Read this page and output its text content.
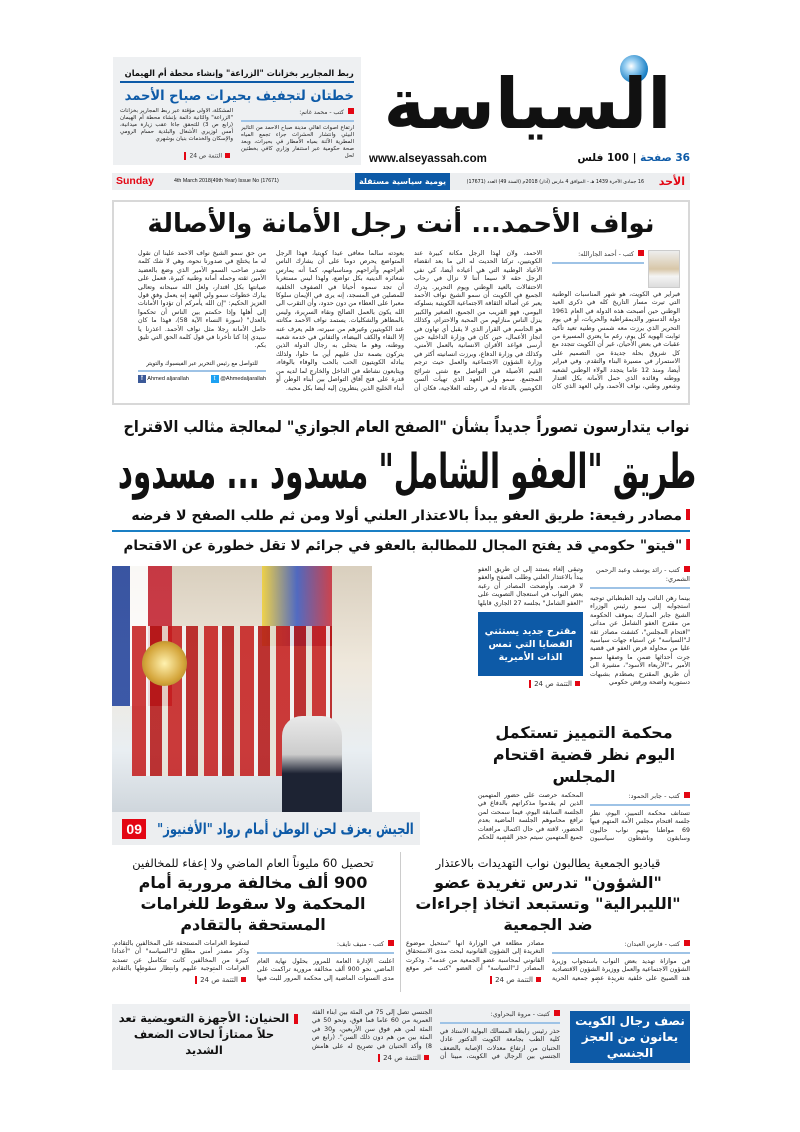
السياسة
www.alseyassah.com	36 صفحة | 100 فلس
ربط المجارير بخزانات "الزراعة" وإنشاء محطة أم الهيمان
خطتان لتجفيف بحيرات صباح الأحمد
كتب - محمد غانم:
ارتفاع أصوات أهالي مدينة صباح الأحمد من التأثير البيئي وانتشار الحشرات جراء تجمع المياه المطرية الآثنة بمياه الأمطار في بحيرات، وبعد صحة حكومية عبر استنفار وزاري كافي بخطتين لحل
المشكلة، الأولى مؤقتة عبر ربط المجارير بخزانات "الزراعة" والثانية دائمة بإنشاء محطة أم الهيمان (رابع ص 3) للتحقق جاءا عقب زيارة ميدانية، أمس لوزيري الأشغال والبلدية حسام الرومي والإسكان والخدمات بنيان بوشهري
التتمة ص 24
الأحد
16 جمادى الآخرة 1439 هـ - الموافق 4 مارس (آذار) 2018م (السنة 49) العدد (17671)
يومية سياسية مستقلة
4th March 2018(49th Year) Issue No (17671)
Sunday
نواف الأحمد... أنت رجل الأمانة والأصالة
كتب - أحمد الجارالله:
فبراير في الكويت، هو شهر المناسبات الوطنية التي تيرت مسار التاريخ كله في ذكرى العيد الوطني حين أصبحت هذه الدولة في العام 1961 دولة الدستور والديمقراطية والحريات، أو في يوم التحرير الذي يرزت معه شمس وطنية تعيد تأكيد ثوابت الهوية كل يوم، رغم ما يعتري المسيرة من عقبات في بعض الأحيان، غير أن الكويت تتجدد مع كل شروق بحلة جديدة من التصميم على الاستمرار في مسيرة البناء والتقدم. وفي فبراير أيضا، ومنذ 12 عاما يتجدد الولاء الوطني لشعبه ووطنه وقائده الذي حمل الأمانة بكل اقتدار وشعور وطني، نواف الأحمد، ولي العهد الذي كان
الأحمد، ولأن لهذا الرجل مكانة كبيرة عند الكويتيين، تركنا الحديث له الى ما بعد انقضاء الأعياد الوطنية التي هي أعياده أيضا، كي نفي الرجل حقه لا سيما أننا لا نزال في رحاب الاحتفالات بالعيد الوطني ويوم التحرير. يدرك الجميع في الكويت أن سمو الشيخ نواف الأحمد يعبر عن أصالة الثقافة الاجتماعية الكويتية بسلوكه اليومي، فهو القريب من الجميع، الصغير والكبير ينزل الناس منازلهم من المحبة والاحترام، وكذلك هو الحاسم في القرار الذي لا يقبل أي تهاون في انجاز الأعمال، حين كان في وزارة الداخلية حين أرسى قواعد الأقران الانسانية بالعمل الأمني، وكذلك في وزارة الدفاع، وبرزت انسانيته أكثر في وزارة الشؤون الاجتماعية والعمل حيث ترجم القيم الأصيلة في التواصل مع شتى شرائح المجتمع. سمو ولي العهد الذي تهيأت ألسن الكويتيين بالدعاء له في رحلته العلاجية، فكان أن
بعودته سالما معافى عيدا كويتيا، فهذا الرجل المتواضع يحرص دوما على أن يشارك الناس أفراحهم وأتراحهم ومناسباتهم، كما أنه يمارس شعائره الدينية بكل تواضع، ولهذا ليس مستغربا أن تجد سموه أحيانا في الصفوف الخلفية للمصلين في المسجد، إنه يرى في الإيمان سلوكا معبرا على العطاء من دون حدود، وأن التقرب الى الله يكون بالعمل الصالح ونقاء السريرة، وليس بالمظاهر والشكليات. يستمد نواف الأحمد مكانته عند الكويتيين وغيرهم من سيرته، فلم يعرف عنه إلا النقاء والكف البيضاء، والتفاني في خدمة شعبه ووطنه، وهو ما يتحلى به رجال الدولة الذين يتركون بصمة تدل عليهم أين ما حلوا، ولذلك يبادله الكويتيون الحب بالحب والوفاء بالوفاء، ويتابعون نشاطه في الداخل والخارج لما لديه من قدرة على فتح آفاق التواصل بين أبناء الوطن أو أبناء الخليج الذين ينظرون إليه أيضا بكل محبة.
من حق سمو الشيخ نواف الأحمد علينا أن نقول له ما يختلج في صدورنا نحوه، وهي لا شك كلمة تصدر صاحب السمو الأمير الذي وضع بالعضيد الأمين ثقته وحمله أمانة وطنية كبيرة، فعمل على صيانتها بكل اقتدار، ولعل الله سبحانه وتعالى يبارك خطوات سمو ولي العهد إنه يعمل وفق قول العزيز الحكيم: "إن الله يأمركم أن تؤدوا الأمانات إلى أهلها وإذا حكمتم بين الناس أن تحكموا بالعدل" (سورة النساء الآية 58)، فهذا ما كان حامل الأمانة رجلا مثل نواف الأحمد. اعذرنا يا سيدي إذا كنا تأخرنا في قول كلمة الحق التي تليق بكم.
للتواصل مع رئيس التحرير عبر الفيسبوك والتويتر
f Ahmed aljarallah	t @Ahmedaljarallah
نواب يتدارسون تصوراً جديداً بشأن "الصفح العام الجوازي" لمعالجة مثالب الاقتراح
طريق "العفو الشامل" مسدود ... مسدود
مصادر رفيعة: طريق العفو يبدأ بالاعتذار العلني أولا ومن ثم طلب الصفح لا فرضه
"فيتو" حكومي قد يفتح المجال للمطالبة بالعفو في جرائم لا تقل خطورة عن الاقتحام
كتب - رائد يوسف وعبد الرحمن الشمري:
بينما رهن النائب وليد الطبطبائي توجيه استجوابه إلى سمو رئيس الوزراء الشيخ جابر المبارك بموقف الحكومة من مقترح العفو الشامل عن مدانى "اقتحام المجلس"، كشفت مصادر ثقة لـ"السياسة" عن استياء جهات سياسية عليا من محاولة فرض العفو في قضية جرت أحداثها ضمن ما وصفها سمو الأمير بـ"الأربعاء الأسود"، مشيرة الى أن طريق المقترح يصطدم بشبهات دستورية واضحة ورفض حكومي
وتبقى إلغاء يستند إلى أن طريق العفو يبدأ بالاعتذار العلني وطلب الصفح والعفو لا فرضه. وأوضحت المصادر أن رغبة بعض النواب في استعجال التصويت على "العفو الشامل" بجلسة 27 الجاري قابلها
مقترح جديد يستثني القضايا التي تمس الذات الأميرية
التتمة ص 24
محكمة التمييز تستكمل اليوم نظر قضية اقتحام المجلس
كتب - جابر الحمود:
تستأنف محكمة التمييز، اليوم، نظر جلسة اقتحام مجلس الأمة المتهم فيها 69 مواطنا بينهم نواب حاليون وسابقون وناشطون سياسيون
المحكمة حرصت على حضور المتهمين الذين لم يقدموا مذكراتهم بالدفاع في الجلسة السابقة اليوم، فيما سمحت لمن ترافع محاموهم الجلسة الماضية بعدم الحضور، لافتة في حال اكتمال مرافعات جميع المتهمين سيتم حجز القضية للحكم
الجيش يعزف لحن الوطن أمام رواد "الأفنيوز"
09
قياديو الجمعية يطالبون نواب التهديدات بالاعتذار
"الشؤون" تدرس تغريدة عضو "الليبرالية" وتستبعد اتخاذ إجراءات ضد الجمعية
كتب - فارس العبدان:
في موازاة تهديد بعض النواب باستجواب وزيرة الشؤون الاجتماعية والعمل ووزيرة الشؤون الاقتصادية هند الصبيح على خلفية تغريدة عضو جمعية الحرية
مصادر مطلعة في الوزارة أنها "ستحيل موضوع التغريدة إلى الشؤون القانونية لبحث مدى الاستحقاق القانوني لمحاسبة عضو الجمعية من عدمه". وذكرت المصادر لـ"السياسة" أن العضو "كتب عبر موقع
التتمة ص 24
تحصيل 60 مليوناً العام الماضي ولا إعفاء للمخالفين
900 ألف مخالفة مرورية أمام المحكمة ولا سقوط للغرامات المستحقة بالتقادم
كتب - منيف نايف:
أعلنت الإدارة العامة للمرور بحلول نهاية العام الماضي نحو 900 ألف مخالفة مرورية تراكمت على مدى السنوات الماضية إلى محكمة المرور للبت فيها
لسقوط الغرامات المستحقة على المخالفين بالتقادم. وذكر مصدر أمني مطلع لـ"السياسة" أن "أعدادا كبيرة من المخالفين كانت تتكاسل عن تسديد الغرامات المتوجبة عليهم وانتظار سقوطها بالتقادم
التتمة ص 24
نصف رجال الكويت يعانون من العجز الجنسي
كتبت - مروة البحراوي:
حذر رئيس رابطة المسالك البولية الأستاذ في كلية الطب بجامعة الكويت الدكتور عادل الحنيان من ارتفاع معدلات الإصابة بالضعف الجنسي بين الرجال في الكويت، مبينا أن
الجنسي تصل إلى 75 في المئة بين أبناء الفئة العمرية من 60 عاما فما فوق، ونحو 50 في المئة لمن هم فوق سن الأربعين، و30 في المئة بين من هم دون ذلك السن". (رابع ص 8) وأكد الحنيان في تصريح له على هامش
التتمة ص 24
الحنيان: الأجهزة التعويضية تعد حلاً ممتازاً لحالات الضعف الشديد
